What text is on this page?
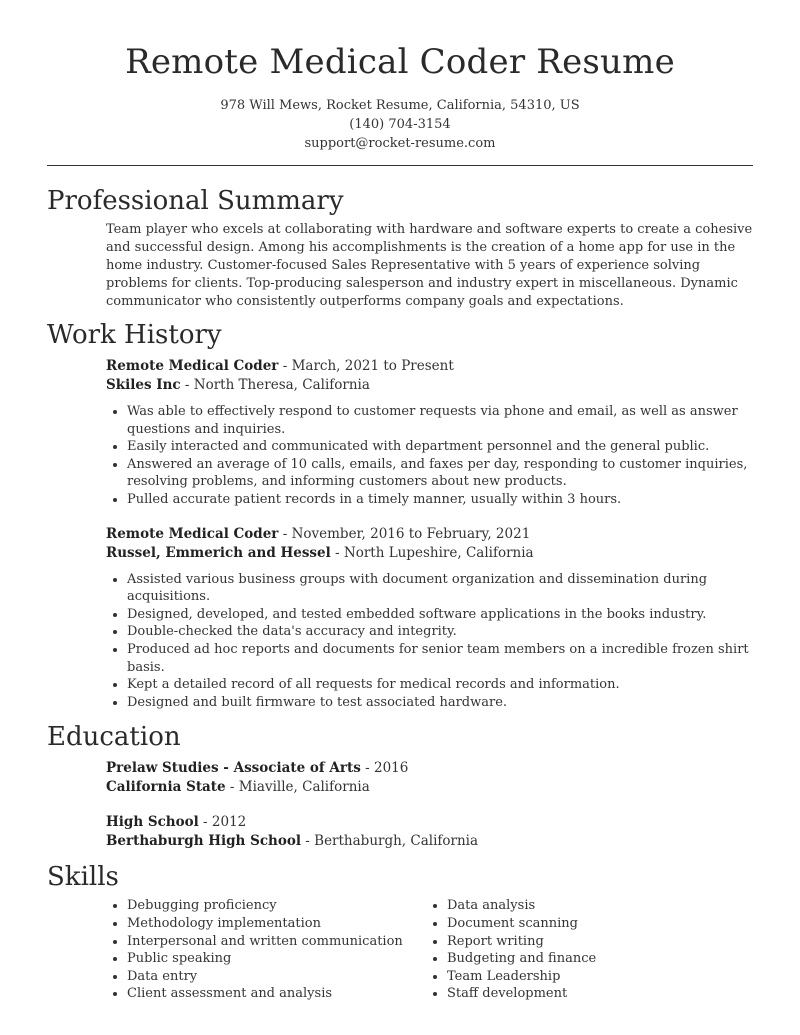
Remote Medical Coder Resume
978 Will Mews, Rocket Resume, California, 54310, US
(140) 704-3154
support@rocket-resume.com
Professional Summary

Team player who excels at collaborating with hardware and software experts to create a cohesive and successful design. Among his accomplishments is the creation of a home app for use in the home industry. Customer-focused Sales Representative with 5 years of experience solving problems for clients. Top-producing salesperson and industry expert in miscellaneous. Dynamic communicator who consistently outperforms company goals and expectations.

Work History
Remote Medical Coder - March, 2021 to Present
Skiles Inc - North Theresa, California
• Was able to effectively respond to customer requests via phone and email, as well as answer questions and inquiries.
• Easily interacted and communicated with department personnel and the general public.
• Answered an average of 10 calls, emails, and faxes per day, responding to customer inquiries, resolving problems, and informing customers about new products.
• Pulled accurate patient records in a timely manner, usually within 3 hours.
Remote Medical Coder - November, 2016 to February, 2021
Russel, Emmerich and Hessel - North Lupeshire, California
• Assisted various business groups with document organization and dissemination during acquisitions.
• Designed, developed, and tested embedded software applications in the books industry.
• Double-checked the data's accuracy and integrity.
• Produced ad hoc reports and documents for senior team members on a incredible frozen shirt basis.
• Kept a detailed record of all requests for medical records and information.
• Designed and built firmware to test associated hardware.
Education
Prelaw Studies - Associate of Arts - 2016
California State - Miaville, California
High School - 2012
Berthaburgh High School - Berthaburgh, California
Skills
• Debugging proficiency
• Methodology implementation
• Interpersonal and written communication
• Public speaking
• Data entry
• Client assessment and analysis
• Data analysis
• Document scanning
• Report writing
• Budgeting and finance
• Team Leadership
• Staff development
